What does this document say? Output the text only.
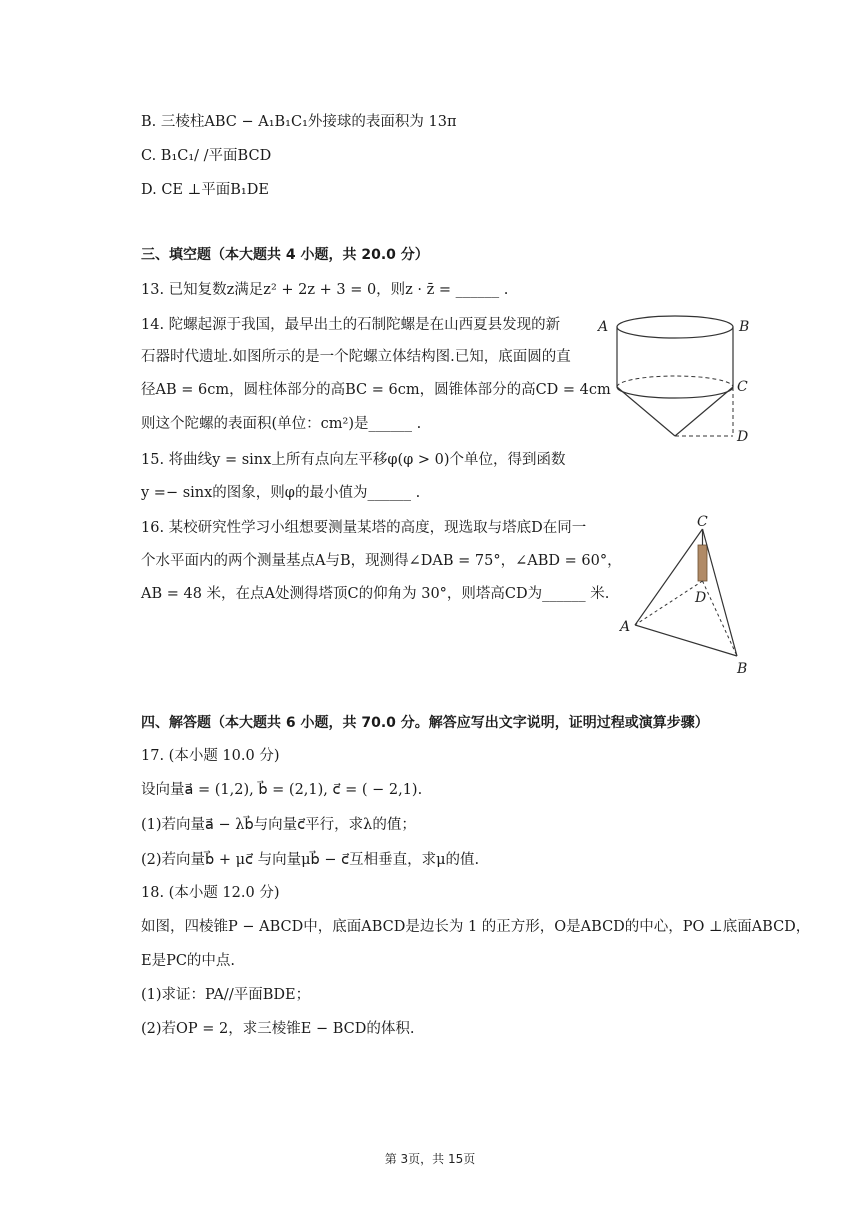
B. 三棱柱ABC − A₁B₁C₁外接球的表面积为 13π
C. B₁C₁/ /平面BCD
D. CE ⊥平面B₁DE
三、填空题（本大题共 4 小题，共 20.0 分）
13. 已知复数z满足z² + 2z + 3 = 0，则z · z̄ = ______ .
14. 陀螺起源于我国，最早出土的石制陀螺是在山西夏县发现的新
石器时代遗址.如图所示的是一个陀螺立体结构图.已知，底面圆的直
径AB = 6cm，圆柱体部分的高BC = 6cm，圆锥体部分的高CD = 4cm
则这个陀螺的表面积(单位：cm²)是______ .
15. 将曲线y = sinx上所有点向左平移φ(φ > 0)个单位，得到函数
y =− sinx的图象，则φ的最小值为______ .
16. 某校研究性学习小组想要测量某塔的高度，现选取与塔底D在同一
个水平面内的两个测量基点A与B，现测得∠DAB = 75°，∠ABD = 60°，
AB = 48 米，在点A处测得塔顶C的仰角为 30°，则塔高CD为______ 米.
A	B
C
D
C
D
A
B
四、解答题（本大题共 6 小题，共 70.0 分。解答应写出文字说明，证明过程或演算步骤）
17. (本小题 10.0 分)
设向量a⃗ = (1,2), b⃗ = (2,1), c⃗ = ( − 2,1).
(1)若向量a⃗ − λb⃗与向量c⃗平行，求λ的值；
(2)若向量b⃗ + μc⃗ 与向量μb⃗ − c⃗互相垂直，求μ的值.
18. (本小题 12.0 分)
如图，四棱锥P − ABCD中，底面ABCD是边长为 1 的正方形，O是ABCD的中心，PO ⊥底面ABCD，
E是PC的中点.
(1)求证：PA//平面BDE；
(2)若OP = 2，求三棱锥E − BCD的体积.
第 3页，共 15页
